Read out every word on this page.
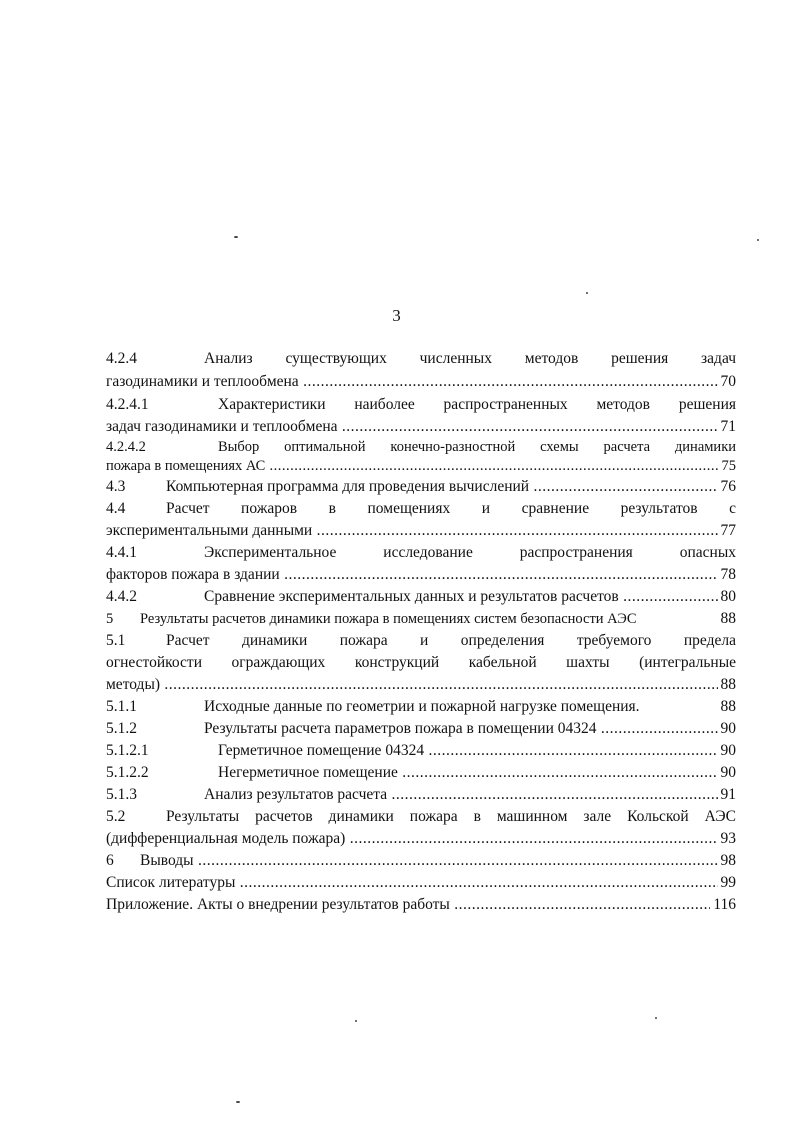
3
4.2.4	Анализ существующих численных методов решения задач
газодинамики и теплообмена .....	70
4.2.4.1	Характеристики наиболее распространенных методов решения
задач газодинамики и теплообмена .....	71
4.2.4.2	Выбор оптимальной конечно-разностной схемы расчета динамики
пожара в помещениях АС .....	75
4.3	Компьютерная программа для проведения вычислений .....	76
4.4	Расчет пожаров в помещениях и сравнение результатов с
экспериментальными данными .....	77
4.4.1	Экспериментальное исследование распространения опасных
факторов пожара в здании .....	78
4.4.2	Сравнение экспериментальных данных и результатов расчетов .....	80
5 Результаты расчетов динамики пожара в помещениях систем безопасности АЭС	88
5.1	Расчет динамики пожара и определения требуемого предела
огнестойкости ограждающих конструкций кабельной шахты (интегральные
методы) .....	88
5.1.1	Исходные данные по геометрии и пожарной нагрузке помещения.	88
5.1.2	Результаты расчета параметров пожара в помещении 04324 .....	90
5.1.2.1	Герметичное помещение 04324 .....	90
5.1.2.2	Негерметичное помещение .....	90
5.1.3	Анализ результатов расчета .....	91
5.2	Результаты расчетов динамики пожара в машинном зале Кольской АЭС
(дифференциальная модель пожара) .....	93
6 Выводы .....	98
Список литературы .....	99
Приложение. Акты о внедрении результатов работы .....	116
